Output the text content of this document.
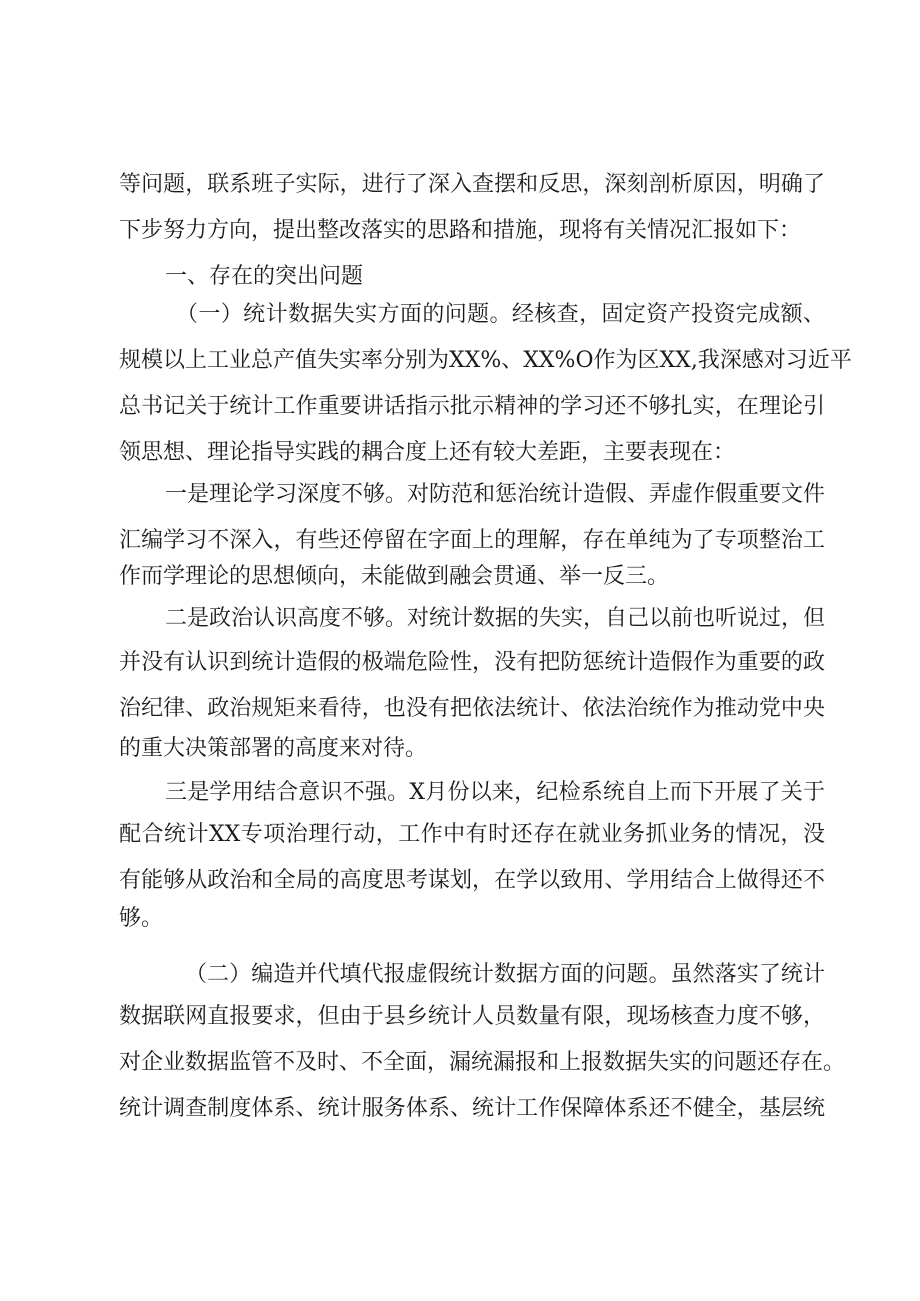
等问题，联系班子实际，进行了深入查摆和反思，深刻剖析原因，明确了

下步努力方向，提出整改落实的思路和措施，现将有关情况汇报如下：

一、存在的突出问题

（一）统计数据失实方面的问题。经核查，固定资产投资完成额、

规模以上工业总产值失实率分别为XX%、XX%O作为区XX,我深感对习近平

总书记关于统计工作重要讲话指示批示精神的学习还不够扎实，在理论引

领思想、理论指导实践的耦合度上还有较大差距，主要表现在：

一是理论学习深度不够。对防范和惩治统计造假、弄虚作假重要文件

汇编学习不深入，有些还停留在字面上的理解，存在单纯为了专项整治工

作而学理论的思想倾向，未能做到融会贯通、举一反三。

二是政治认识高度不够。对统计数据的失实，自己以前也听说过，但

并没有认识到统计造假的极端危险性，没有把防惩统计造假作为重要的政

治纪律、政治规矩来看待，也没有把依法统计、依法治统作为推动党中央

的重大决策部署的高度来对待。

三是学用结合意识不强。X月份以来，纪检系统自上而下开展了关于

配合统计XX专项治理行动，工作中有时还存在就业务抓业务的情况，没

有能够从政治和全局的高度思考谋划，在学以致用、学用结合上做得还不

够。

（二）编造并代填代报虚假统计数据方面的问题。虽然落实了统计

数据联网直报要求，但由于县乡统计人员数量有限，现场核查力度不够，

对企业数据监管不及时、不全面，漏统漏报和上报数据失实的问题还存在。

统计调查制度体系、统计服务体系、统计工作保障体系还不健全，基层统
